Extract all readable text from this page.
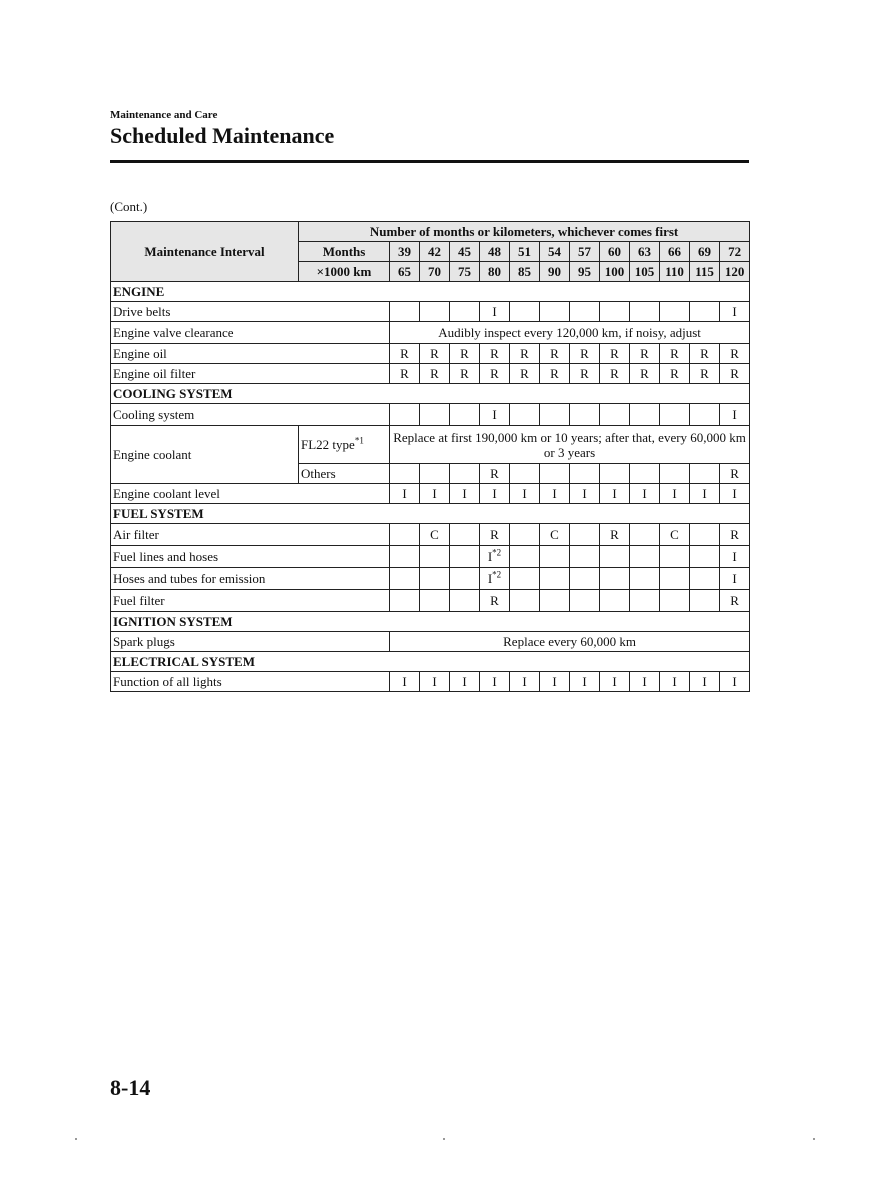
Maintenance and Care
Scheduled Maintenance
(Cont.)
Maintenance Interval	Number of months or kilometers, whichever comes first												
	Months	39	42	45	48	51	54	57	60	63	66	69	72
	×1000 km	65	70	75	80	85	90	95	100	105	110	115	120
ENGINE													
Drive belts					I								I
Engine valve clearance		Audibly inspect every 120,000 km, if noisy, adjust											
Engine oil		R	R	R	R	R	R	R	R	R	R	R	R
Engine oil filter		R	R	R	R	R	R	R	R	R	R	R	R
COOLING SYSTEM													
Cooling system					I								I
Engine coolant	FL22 type$^{*1}$	Replace at first 190,000 km or 10 years; after that, every 60,000 km or 3 years											
	Others				R								R
Engine coolant level		I	I	I	I	I	I	I	I	I	I	I	I
FUEL SYSTEM													
Air filter			C		R		C		R		C		R
Fuel lines and hoses					$I^{*2}$								I
Hoses and tubes for emission					$I^{*2}$								I
Fuel filter					R								R
IGNITION SYSTEM													
Spark plugs		Replace every 60,000 km											
ELECTRICAL SYSTEM													
Function of all lights		I	I	I	I	I	I	I	I	I	I	I	I
8-14
